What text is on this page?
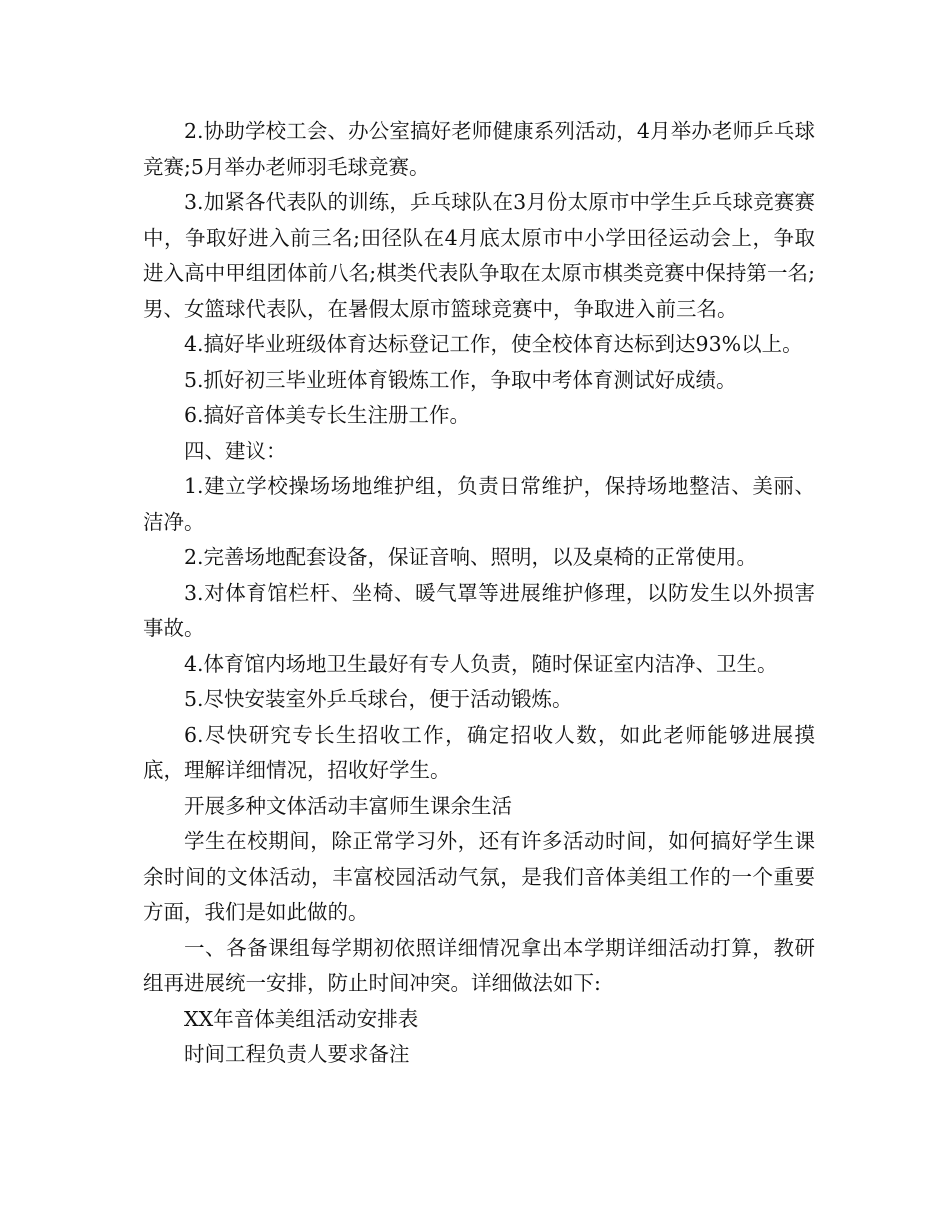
2.协助学校工会、办公室搞好老师健康系列活动，4月举办老师乒乓球竞赛;5月举办老师羽毛球竞赛。

3.加紧各代表队的训练，乒乓球队在3月份太原市中学生乒乓球竞赛赛中，争取好进入前三名;田径队在4月底太原市中小学田径运动会上，争取进入高中甲组团体前八名;棋类代表队争取在太原市棋类竞赛中保持第一名;男、女篮球代表队，在暑假太原市篮球竞赛中，争取进入前三名。

4.搞好毕业班级体育达标登记工作，使全校体育达标到达93%以上。

5.抓好初三毕业班体育锻炼工作，争取中考体育测试好成绩。

6.搞好音体美专长生注册工作。

四、建议：

1.建立学校操场场地维护组，负责日常维护，保持场地整洁、美丽、洁净。

2.完善场地配套设备，保证音响、照明，以及桌椅的正常使用。

3.对体育馆栏杆、坐椅、暖气罩等进展维护修理，以防发生以外损害事故。

4.体育馆内场地卫生最好有专人负责，随时保证室内洁净、卫生。

5.尽快安装室外乒乓球台，便于活动锻炼。

6.尽快研究专长生招收工作，确定招收人数，如此老师能够进展摸底，理解详细情况，招收好学生。

开展多种文体活动丰富师生课余生活

学生在校期间，除正常学习外，还有许多活动时间，如何搞好学生课余时间的文体活动，丰富校园活动气氛，是我们音体美组工作的一个重要方面，我们是如此做的。

一、各备课组每学期初依照详细情况拿出本学期详细活动打算，教研组再进展统一安排，防止时间冲突。详细做法如下:

XX年音体美组活动安排表

时间工程负责人要求备注
